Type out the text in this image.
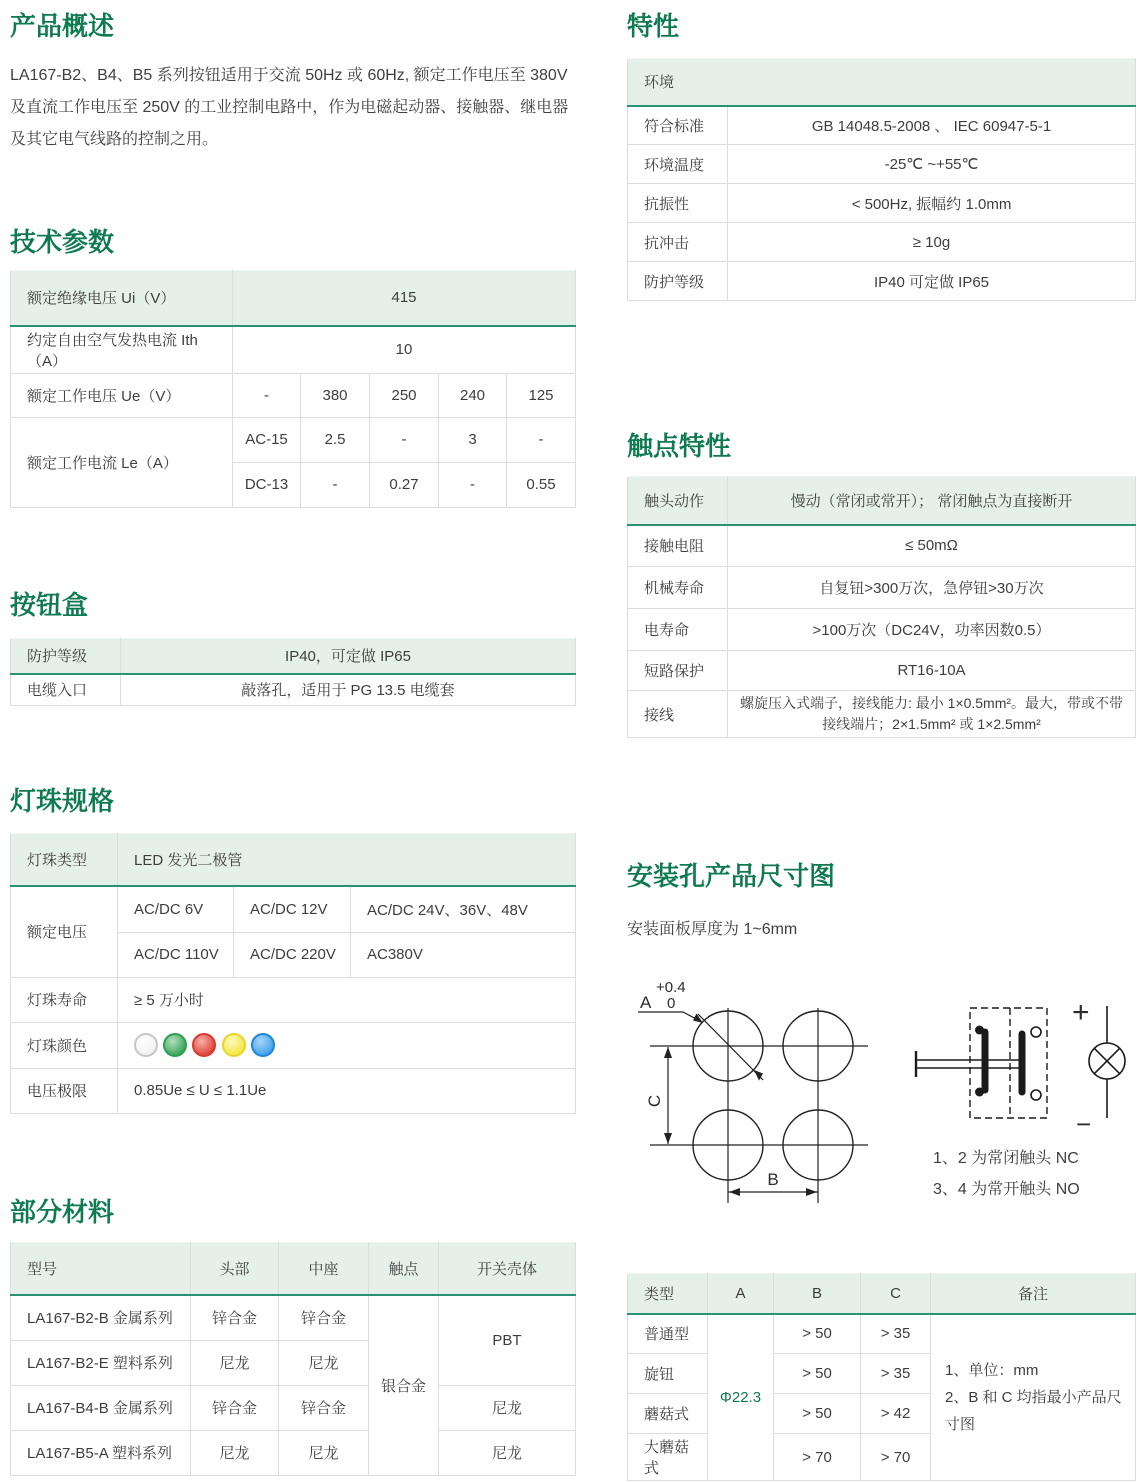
产品概述

LA167-B2、B4、B5 系列按钮适用于交流 50Hz 或 60Hz, 额定工作电压至 380V 及直流工作电压至 250V 的工业控制电路中，作为电磁起动器、接触器、继电器及其它电气线路的控制之用。

技术参数
额定绝缘电压 Ui（V）	415				
约定自由空气发热电流 Ith（A）	10				
额定工作电压 Ue（V）	-	380	250	240	125
额定工作电流 Le（A）	AC-15	2.5	-	3	-
	DC-13	-	0.27	-	0.55
按钮盒
防护等级	IP40，可定做 IP65
电缆入口	敲落孔，适用于 PG 13.5 电缆套
灯珠规格
灯珠类型	LED 发光二极管		
额定电压	AC/DC 6V	AC/DC 12V	AC/DC 24V、36V、48V
	AC/DC 110V	AC/DC 220V	AC380V
灯珠寿命	≥ 5 万小时		
灯珠颜色			
电压极限	0.85Ue ≤ U ≤ 1.1Ue		
部分材料
型号	头部	中座	触点	开关壳体
LA167-B2-B 金属系列	锌合金	锌合金	银合金	PBT
LA167-B2-E 塑料系列	尼龙	尼龙		
LA167-B4-B 金属系列	锌合金	锌合金		尼龙
LA167-B5-A 塑料系列	尼龙	尼龙		尼龙
特性
环境	
符合标准	GB 14048.5-2008 、 IEC 60947-5-1
环境温度	-25℃ ~+55℃
抗振性	< 500Hz, 振幅约 1.0mm
抗冲击	≥ 10g
防护等级	IP40 可定做 IP65
触点特性
触头动作	慢动（常闭或常开）； 常闭触点为直接断开
接触电阻	≤ 50mΩ
机械寿命	自复钮>300万次，急停钮>30万次
电寿命	>100万次（DC24V，功率因数0.5）
短路保护	RT16-10A
接线	螺旋压入式端子，接线能力: 最小 1×0.5mm²。最大，带或不带接线端片；2×1.5mm² 或 1×2.5mm²
安装孔产品尺寸图

安装面板厚度为 1~6mm

A
+0.4
0
C
B
+
−
1、2 为常闭触头 NC
3、4 为常开触头 NO
类型	A	B	C	备注
普通型	Φ22.3	> 50	> 35	1、单位：mm
2、B 和 C 均指最小产品尺寸图

旋钮		> 50	> 35	
蘑菇式		> 50	> 42	
大蘑菇式		> 70	> 70	
